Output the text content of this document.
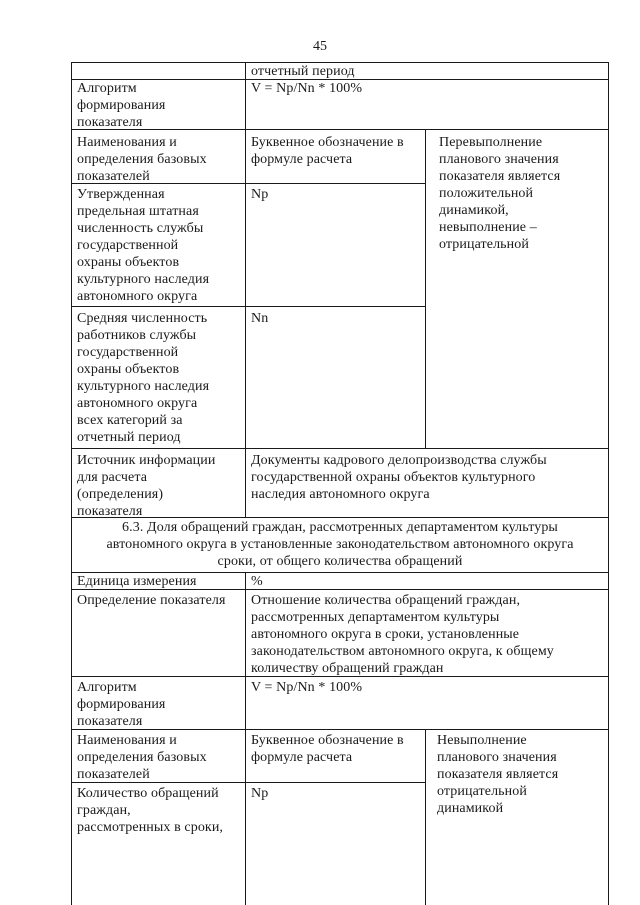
45
отчетный период
Алгоритм
формирования
показателя
V = Np/Nn * 100%
Наименования и
определения базовых
показателей
Буквенное обозначение в
формуле расчета
Перевыполнение
планового значения
показателя является
положительной
динамикой,
невыполнение –
отрицательной
Утвержденная
предельная штатная
численность службы
государственной
охраны объектов
культурного наследия
автономного округа
Np
Средняя численность
работников службы
государственной
охраны объектов
культурного наследия
автономного округа
всех категорий за
отчетный период
Nn
Источник информации
для расчета
(определения)
показателя
Документы кадрового делопроизводства службы
государственной охраны объектов культурного
наследия автономного округа
6.3. Доля обращений граждан, рассмотренных департаментом культуры
автономного округа в установленные законодательством автономного округа
сроки, от общего количества обращений
Единица измерения	%
Определение показателя Отношение количества обращений граждан,
рассмотренных департаментом культуры
автономного округа в сроки, установленные
законодательством автономного округа, к общему
количеству обращений граждан
Алгоритм
формирования
показателя
V = Np/Nn * 100%
Наименования и
определения базовых
показателей
Буквенное обозначение в
формуле расчета
Невыполнение
планового значения
показателя является
отрицательной
динамикой
Количество обращений
граждан,
рассмотренных в сроки,
Np
